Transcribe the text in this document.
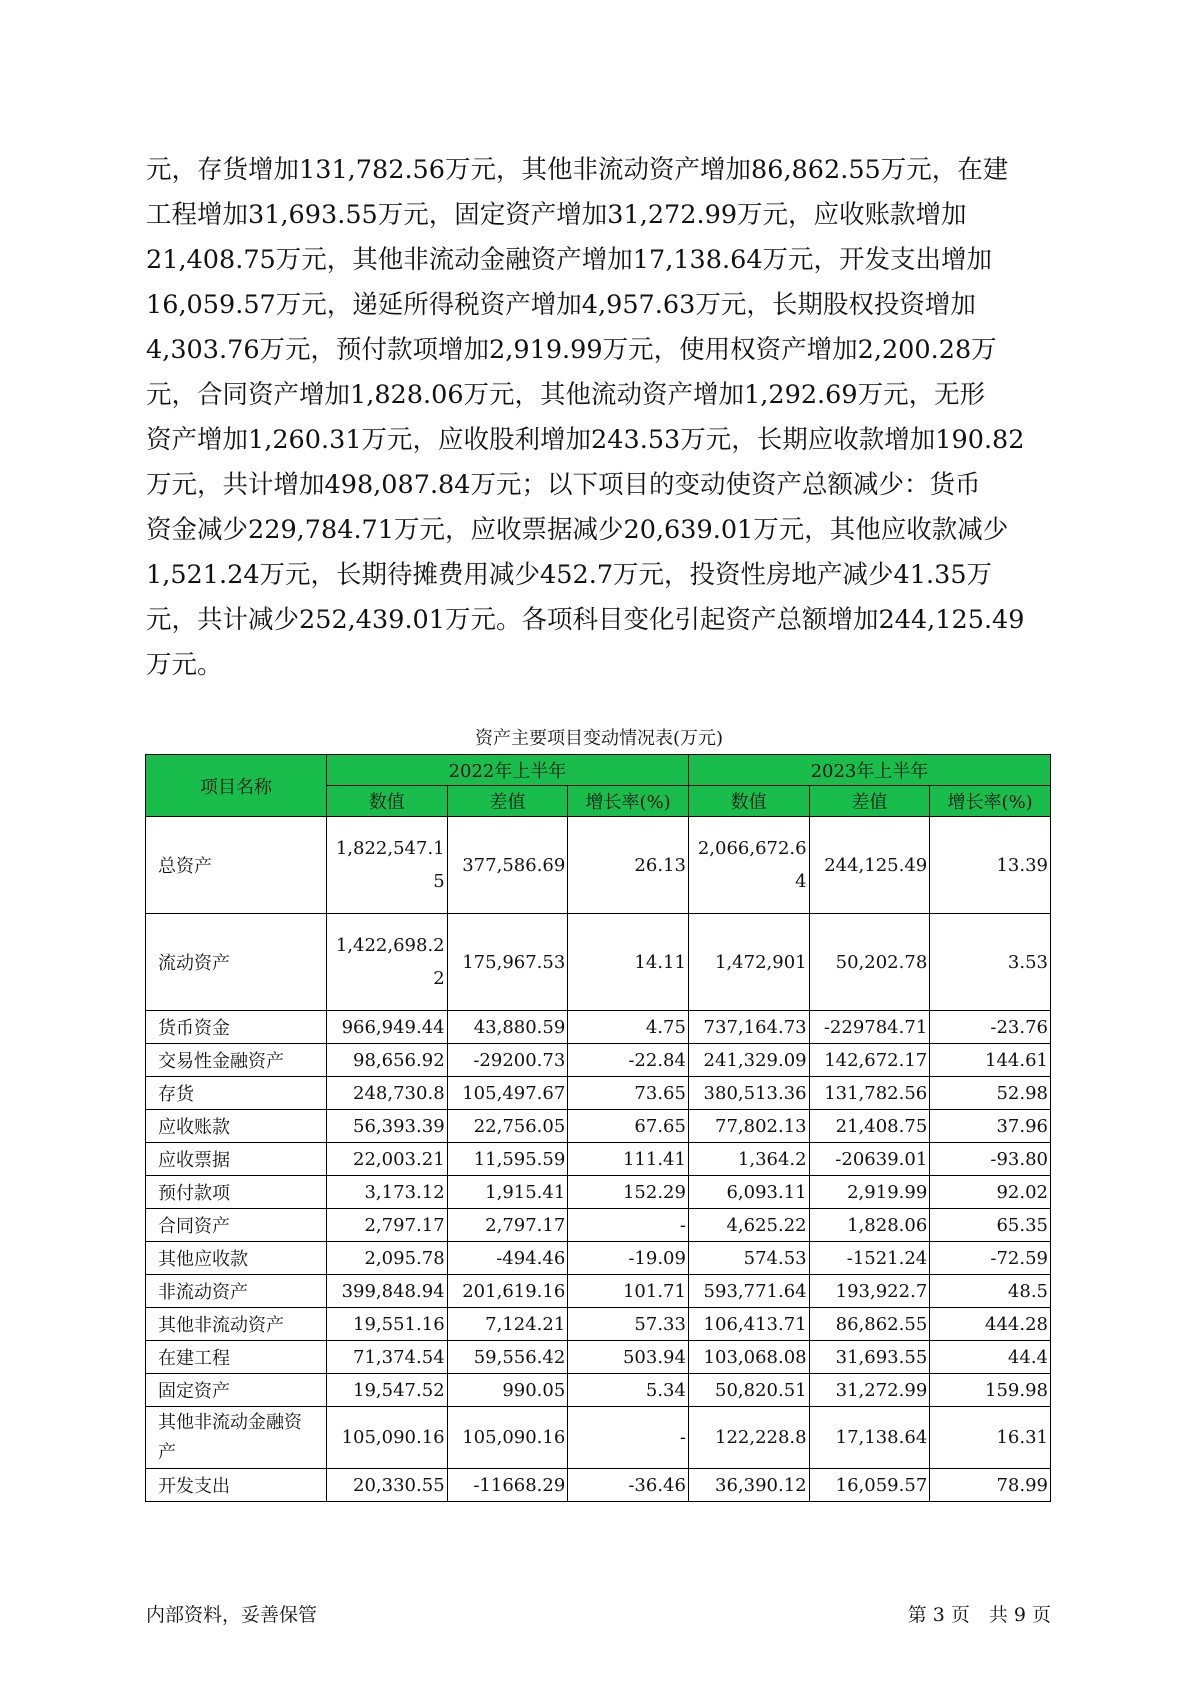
元，存货增加131,782.56万元，其他非流动资产增加86,862.55万元，在建
工程增加31,693.55万元，固定资产增加31,272.99万元，应收账款增加
21,408.75万元，其他非流动金融资产增加17,138.64万元，开发支出增加
16,059.57万元，递延所得税资产增加4,957.63万元，长期股权投资增加
4,303.76万元，预付款项增加2,919.99万元，使用权资产增加2,200.28万
元，合同资产增加1,828.06万元，其他流动资产增加1,292.69万元，无形
资产增加1,260.31万元，应收股利增加243.53万元，长期应收款增加190.82
万元，共计增加498,087.84万元；以下项目的变动使资产总额减少：货币
资金减少229,784.71万元，应收票据减少20,639.01万元，其他应收款减少
1,521.24万元，长期待摊费用减少452.7万元，投资性房地产减少41.35万
元，共计减少252,439.01万元。各项科目变化引起资产总额增加244,125.49
万元。

资产主要项目变动情况表(万元)
项目名称	2022年上半年			2023年上半年		
	数值	差值	增长率(%)	数值	差值	增长率(%)
总资产	1,822,547.15	377,586.69	26.13	2,066,672.64	244,125.49	13.39
流动资产	1,422,698.22	175,967.53	14.11	1,472,901	50,202.78	3.53
货币资金	966,949.44	43,880.59	4.75	737,164.73	-229784.71	-23.76
交易性金融资产	98,656.92	-29200.73	-22.84	241,329.09	142,672.17	144.61
存货	248,730.8	105,497.67	73.65	380,513.36	131,782.56	52.98
应收账款	56,393.39	22,756.05	67.65	77,802.13	21,408.75	37.96
应收票据	22,003.21	11,595.59	111.41	1,364.2	-20639.01	-93.80
预付款项	3,173.12	1,915.41	152.29	6,093.11	2,919.99	92.02
合同资产	2,797.17	2,797.17	-	4,625.22	1,828.06	65.35
其他应收款	2,095.78	-494.46	-19.09	574.53	-1521.24	-72.59
非流动资产	399,848.94	201,619.16	101.71	593,771.64	193,922.7	48.5
其他非流动资产	19,551.16	7,124.21	57.33	106,413.71	86,862.55	444.28
在建工程	71,374.54	59,556.42	503.94	103,068.08	31,693.55	44.4
固定资产	19,547.52	990.05	5.34	50,820.51	31,272.99	159.98
其他非流动金融资产	105,090.16	105,090.16	-	122,228.8	17,138.64	16.31
开发支出	20,330.55	-11668.29	-36.46	36,390.12	16,059.57	78.99
内部资料，妥善保管	第 3 页　共 9 页
